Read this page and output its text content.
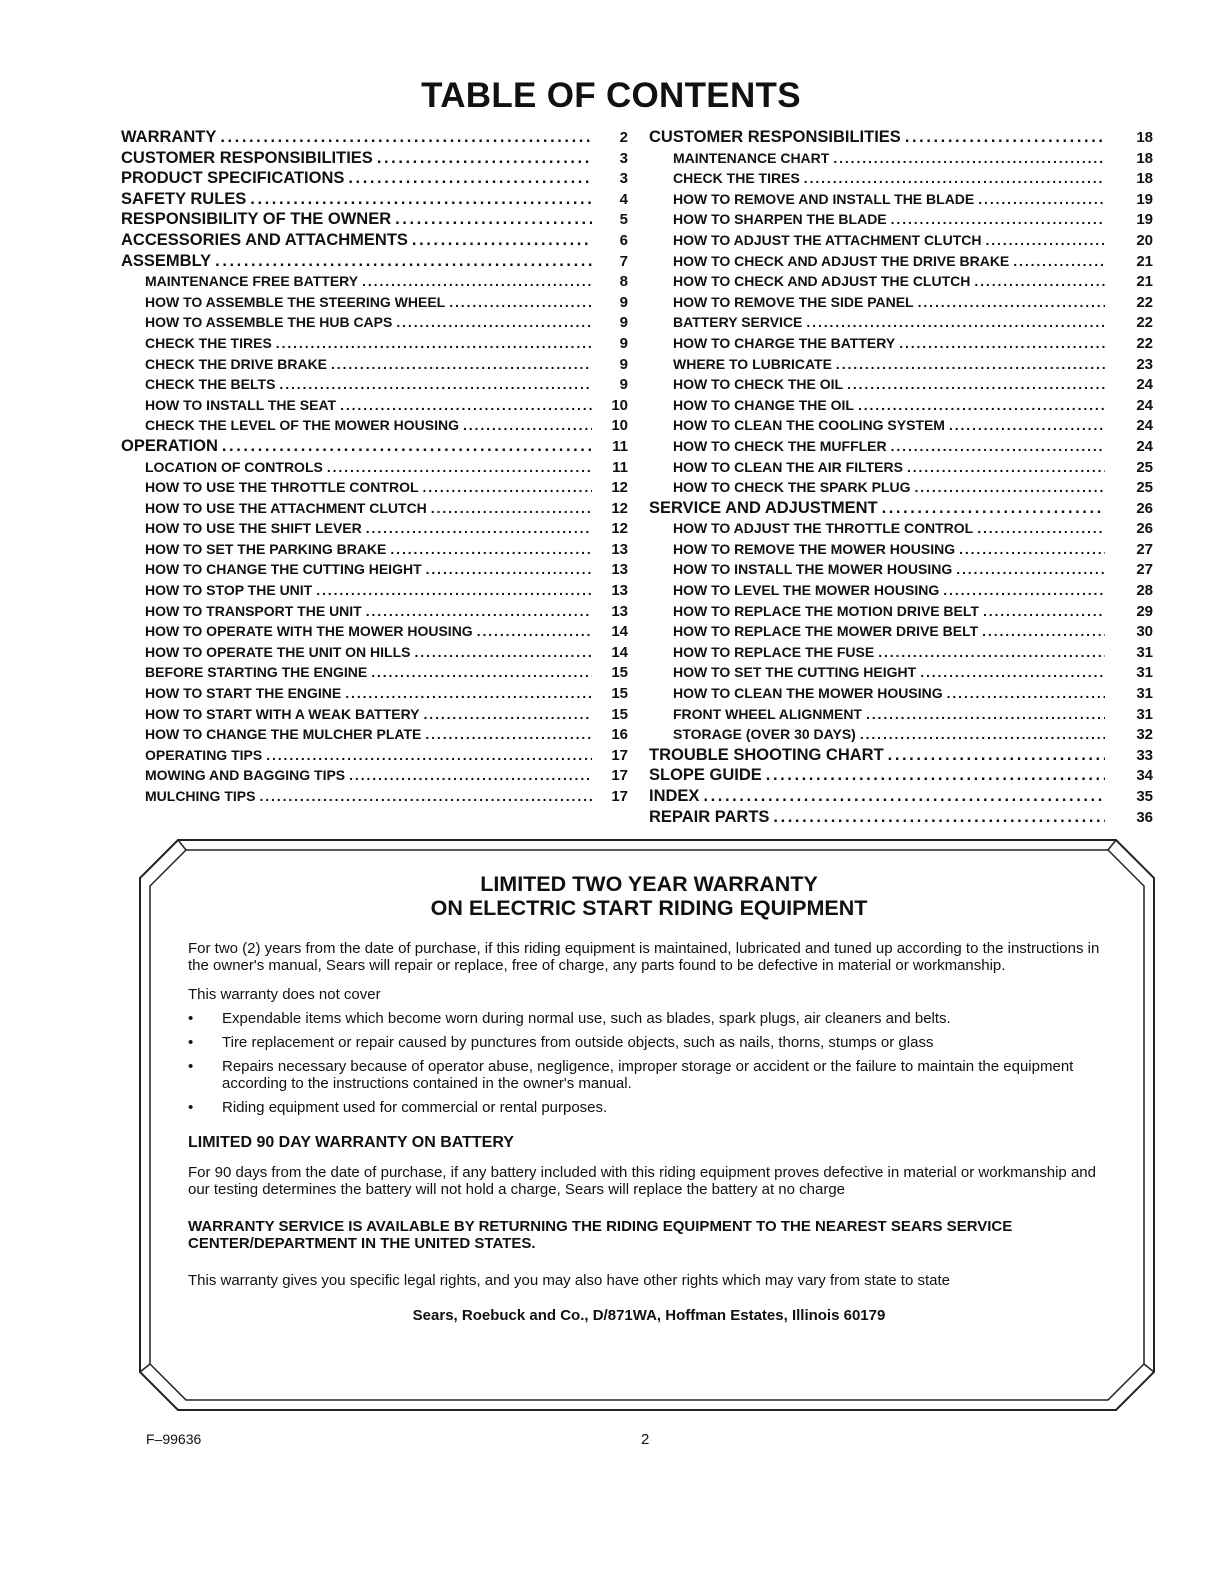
TABLE OF CONTENTS
WARRANTY . . .	2
CUSTOMER RESPONSIBILITIES . . .	3
PRODUCT SPECIFICATIONS . . .	3
SAFETY RULES . . .	4
RESPONSIBILITY OF THE OWNER . . .	5
ACCESSORIES AND ATTACHMENTS . . .	6
ASSEMBLY . . .	7
MAINTENANCE FREE BATTERY . . .	8
HOW TO ASSEMBLE THE STEERING WHEEL . . .	9
HOW TO ASSEMBLE THE HUB CAPS . . .	9
CHECK THE TIRES . . .	9
CHECK THE DRIVE BRAKE . . .	9
CHECK THE BELTS . . .	9
HOW TO INSTALL THE SEAT . . .	10
CHECK THE LEVEL OF THE MOWER HOUSING . . .	10
OPERATION . . .	11
LOCATION OF CONTROLS . . .	11
HOW TO USE THE THROTTLE CONTROL . . .	12
HOW TO USE THE ATTACHMENT CLUTCH . . .	12
HOW TO USE THE SHIFT LEVER . . .	12
HOW TO SET THE PARKING BRAKE . . .	13
HOW TO CHANGE THE CUTTING HEIGHT . . .	13
HOW TO STOP THE UNIT . . .	13
HOW TO TRANSPORT THE UNIT . . .	13
HOW TO OPERATE WITH THE MOWER HOUSING . . .	14
HOW TO OPERATE THE UNIT ON HILLS . . .	14
BEFORE STARTING THE ENGINE . . .	15
HOW TO START THE ENGINE . . .	15
HOW TO START WITH A WEAK BATTERY . . .	15
HOW TO CHANGE THE MULCHER PLATE . . .	16
OPERATING TIPS . . .	17
MOWING AND BAGGING TIPS . . .	17
MULCHING TIPS . . .	17
CUSTOMER RESPONSIBILITIES . . .	18
MAINTENANCE CHART . . .	18
CHECK THE TIRES . . .	18
HOW TO REMOVE AND INSTALL THE BLADE . . .	19
HOW TO SHARPEN THE BLADE . . .	19
HOW TO ADJUST THE ATTACHMENT CLUTCH . . .	20
HOW TO CHECK AND ADJUST THE DRIVE BRAKE . . .	21
HOW TO CHECK AND ADJUST THE CLUTCH . . .	21
HOW TO REMOVE THE SIDE PANEL . . .	22
BATTERY SERVICE . . .	22
HOW TO CHARGE THE BATTERY . . .	22
WHERE TO LUBRICATE . . .	23
HOW TO CHECK THE OIL . . .	24
HOW TO CHANGE THE OIL . . .	24
HOW TO CLEAN THE COOLING SYSTEM . . .	24
HOW TO CHECK THE MUFFLER . . .	24
HOW TO CLEAN THE AIR FILTERS . . .	25
HOW TO CHECK THE SPARK PLUG . . .	25
SERVICE AND ADJUSTMENT . . .	26
HOW TO ADJUST THE THROTTLE CONTROL . . .	26
HOW TO REMOVE THE MOWER HOUSING . . .	27
HOW TO INSTALL THE MOWER HOUSING . . .	27
HOW TO LEVEL THE MOWER HOUSING . . .	28
HOW TO REPLACE THE MOTION DRIVE BELT . . .	29
HOW TO REPLACE THE MOWER DRIVE BELT . . .	30
HOW TO REPLACE THE FUSE . . .	31
HOW TO SET THE CUTTING HEIGHT . . .	31
HOW TO CLEAN THE MOWER HOUSING . . .	31
FRONT WHEEL ALIGNMENT . . .	31
STORAGE (OVER 30 DAYS) . . .	32
TROUBLE SHOOTING CHART . . .	33
SLOPE GUIDE . . .	34
INDEX . . .	35
REPAIR PARTS . . .	36
LIMITED TWO YEAR WARRANTY
ON ELECTRIC START RIDING EQUIPMENT
For two (2) years from the date of purchase, if this riding equipment is maintained, lubricated and tuned up according to the instructions in the owner's manual, Sears will repair or replace, free of charge, any parts found to be defective in material or workmanship.
This warranty does not cover
• Expendable items which become worn during normal use, such as blades, spark plugs, air cleaners and belts.
• Tire replacement or repair caused by punctures from outside objects, such as nails, thorns, stumps or glass
• Repairs necessary because of operator abuse, negligence, improper storage or accident or the failure to maintain the equipment according to the instructions contained in the owner's manual.
• Riding equipment used for commercial or rental purposes.
LIMITED 90 DAY WARRANTY ON BATTERY
For 90 days from the date of purchase, if any battery included with this riding equipment proves defective in material or workmanship and our testing determines the battery will not hold a charge, Sears will replace the battery at no charge
WARRANTY SERVICE IS AVAILABLE BY RETURNING THE RIDING EQUIPMENT TO THE NEAREST SEARS SERVICE CENTER/DEPARTMENT IN THE UNITED STATES.
This warranty gives you specific legal rights, and you may also have other rights which may vary from state to state
Sears, Roebuck and Co., D/871WA, Hoffman Estates, Illinois 60179
F–99636	2
